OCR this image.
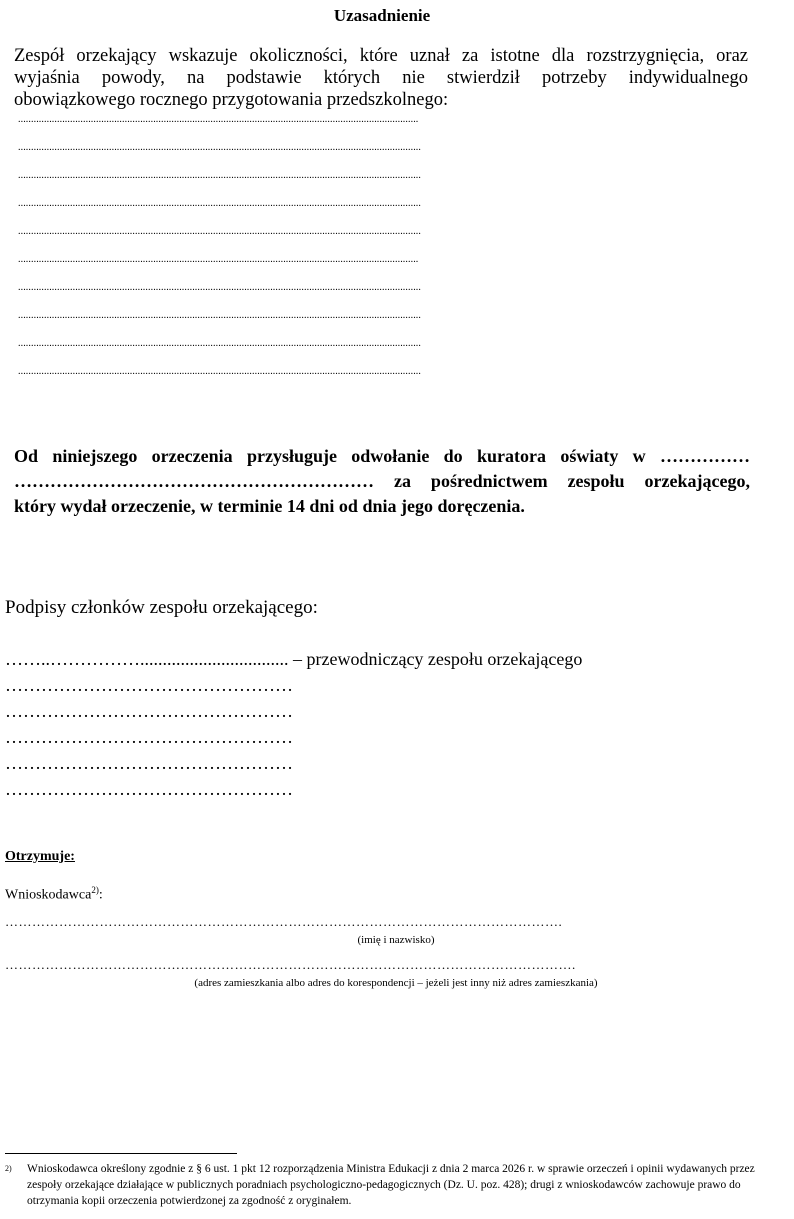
Uzasadnienie
Zespół orzekający wskazuje okoliczności, które uznał za istotne dla rozstrzygnięcia, oraz
wyjaśnia powody, na podstawie których nie stwierdził potrzeby indywidualnego
obowiązkowego rocznego przygotowania przedszkolnego:
..........................................................................................................................................................
...........................................................................................................................................................
...........................................................................................................................................................
...........................................................................................................................................................
...........................................................................................................................................................
..........................................................................................................................................................
...........................................................................................................................................................
...........................................................................................................................................................
...........................................................................................................................................................
...........................................................................................................................................................
Od niniejszego orzeczenia przysługuje odwołanie do kuratora oświaty w ……………
…………………………………………………… za pośrednictwem zespołu orzekającego,
który wydał orzeczenie, w terminie 14 dni od dnia jego doręczenia.
Podpisy członków zespołu orzekającego:
……..……………................................. – przewodniczący zespołu orzekającego
…………………………………………
…………………………………………
…………………………………………
…………………………………………
…………………………………………
Otrzymuje:
Wnioskodawca$^{2)}$:
…………………………………………………………………………………………………………….
(imię i nazwisko)
……………………………………………………………………………………………………………….
(adres zamieszkania albo adres do korespondencji – jeżeli jest inny niż adres zamieszkania)
2) Wnioskodawca określony zgodnie z § 6 ust. 1 pkt 12 rozporządzenia Ministra Edukacji z dnia 2 marca 2026 r. w sprawie orzeczeń i opinii wydawanych przez zespoły orzekające działające w publicznych poradniach psychologiczno-pedagogicznych (Dz. U. poz. 428); drugi z wnioskodawców zachowuje prawo do otrzymania kopii orzeczenia potwierdzonej za zgodność z oryginałem.
